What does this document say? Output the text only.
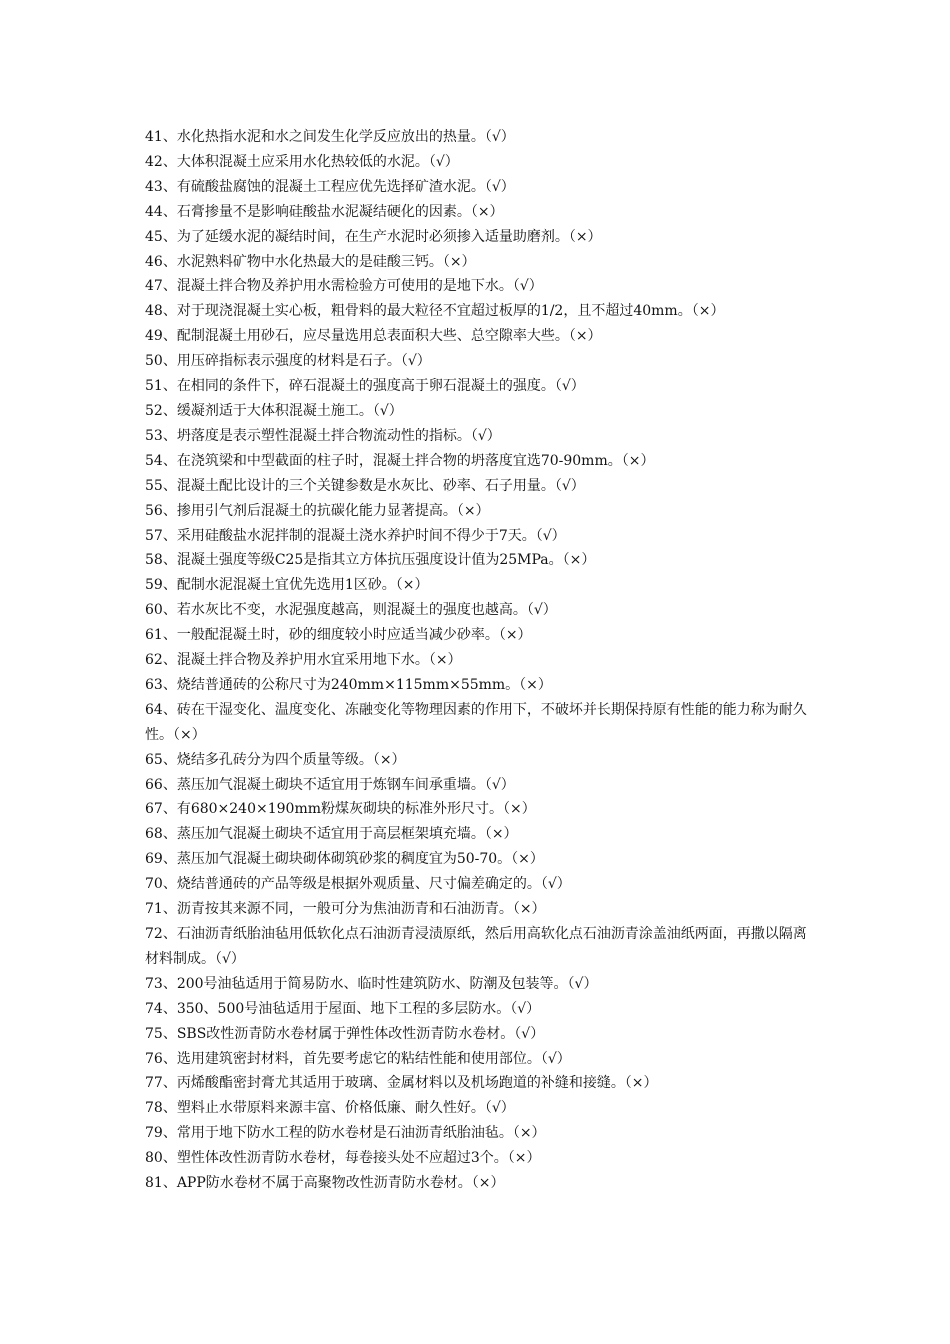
41、水化热指水泥和水之间发生化学反应放出的热量。（√）

42、大体积混凝土应采用水化热较低的水泥。（√）

43、有硫酸盐腐蚀的混凝土工程应优先选择矿渣水泥。（√）

44、石膏掺量不是影响硅酸盐水泥凝结硬化的因素。（×）

45、为了延缓水泥的凝结时间，在生产水泥时必须掺入适量助磨剂。（×）

46、水泥熟料矿物中水化热最大的是硅酸三钙。（×）

47、混凝土拌合物及养护用水需检验方可使用的是地下水。（√）

48、对于现浇混凝土实心板，粗骨料的最大粒径不宜超过板厚的1/2，且不超过40mm。（×）

49、配制混凝土用砂石，应尽量选用总表面积大些、总空隙率大些。（×）

50、用压碎指标表示强度的材料是石子。（√）

51、在相同的条件下，碎石混凝土的强度高于卵石混凝土的强度。（√）

52、缓凝剂适于大体积混凝土施工。（√）

53、坍落度是表示塑性混凝土拌合物流动性的指标。（√）

54、在浇筑梁和中型截面的柱子时，混凝土拌合物的坍落度宜选70-90mm。（×）

55、混凝土配比设计的三个关键参数是水灰比、砂率、石子用量。（√）

56、掺用引气剂后混凝土的抗碳化能力显著提高。（×）

57、采用硅酸盐水泥拌制的混凝土浇水养护时间不得少于7天。（√）

58、混凝土强度等级C25是指其立方体抗压强度设计值为25MPa。（×）

59、配制水泥混凝土宜优先选用1区砂。（×）

60、若水灰比不变，水泥强度越高，则混凝土的强度也越高。（√）

61、一般配混凝土时，砂的细度较小时应适当减少砂率。（×）

62、混凝土拌合物及养护用水宜采用地下水。（×）

63、烧结普通砖的公称尺寸为240mm×115mm×55mm。（×）

64、砖在干湿变化、温度变化、冻融变化等物理因素的作用下，不破坏并长期保持原有性能的能力称为耐久性。（×）

65、烧结多孔砖分为四个质量等级。（×）

66、蒸压加气混凝土砌块不适宜用于炼钢车间承重墙。（√）

67、有680×240×190mm粉煤灰砌块的标准外形尺寸。（×）

68、蒸压加气混凝土砌块不适宜用于高层框架填充墙。（×）

69、蒸压加气混凝土砌块砌体砌筑砂浆的稠度宜为50-70。（×）

70、烧结普通砖的产品等级是根据外观质量、尺寸偏差确定的。（√）

71、沥青按其来源不同，一般可分为焦油沥青和石油沥青。（×）

72、石油沥青纸胎油毡用低软化点石油沥青浸渍原纸，然后用高软化点石油沥青涂盖油纸两面，再撒以隔离材料制成。（√）

73、200号油毡适用于简易防水、临时性建筑防水、防潮及包装等。（√）

74、350、500号油毡适用于屋面、地下工程的多层防水。（√）

75、SBS改性沥青防水卷材属于弹性体改性沥青防水卷材。（√）

76、选用建筑密封材料，首先要考虑它的粘结性能和使用部位。（√）

77、丙烯酸酯密封膏尤其适用于玻璃、金属材料以及机场跑道的补缝和接缝。（×）

78、塑料止水带原料来源丰富、价格低廉、耐久性好。（√）

79、常用于地下防水工程的防水卷材是石油沥青纸胎油毡。（×）

80、塑性体改性沥青防水卷材，每卷接头处不应超过3个。（×）

81、APP防水卷材不属于高聚物改性沥青防水卷材。（×）
